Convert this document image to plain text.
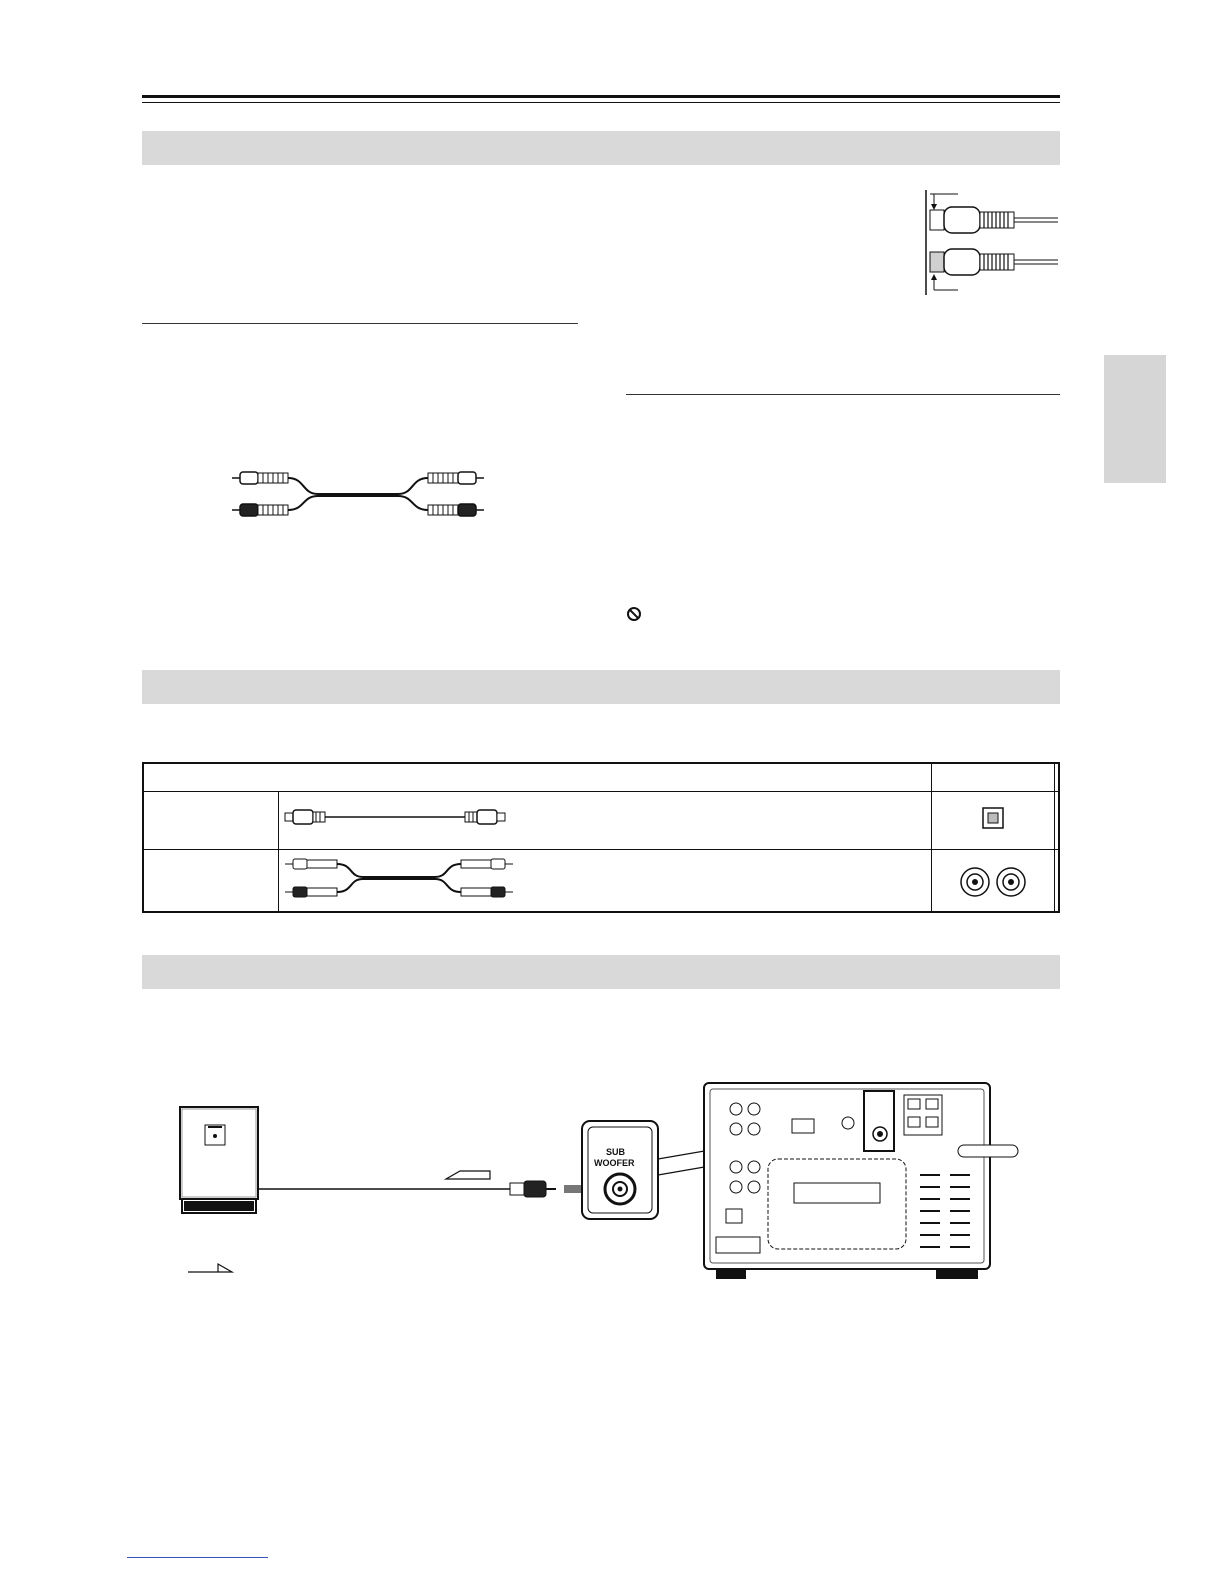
SUB
WOOFER
